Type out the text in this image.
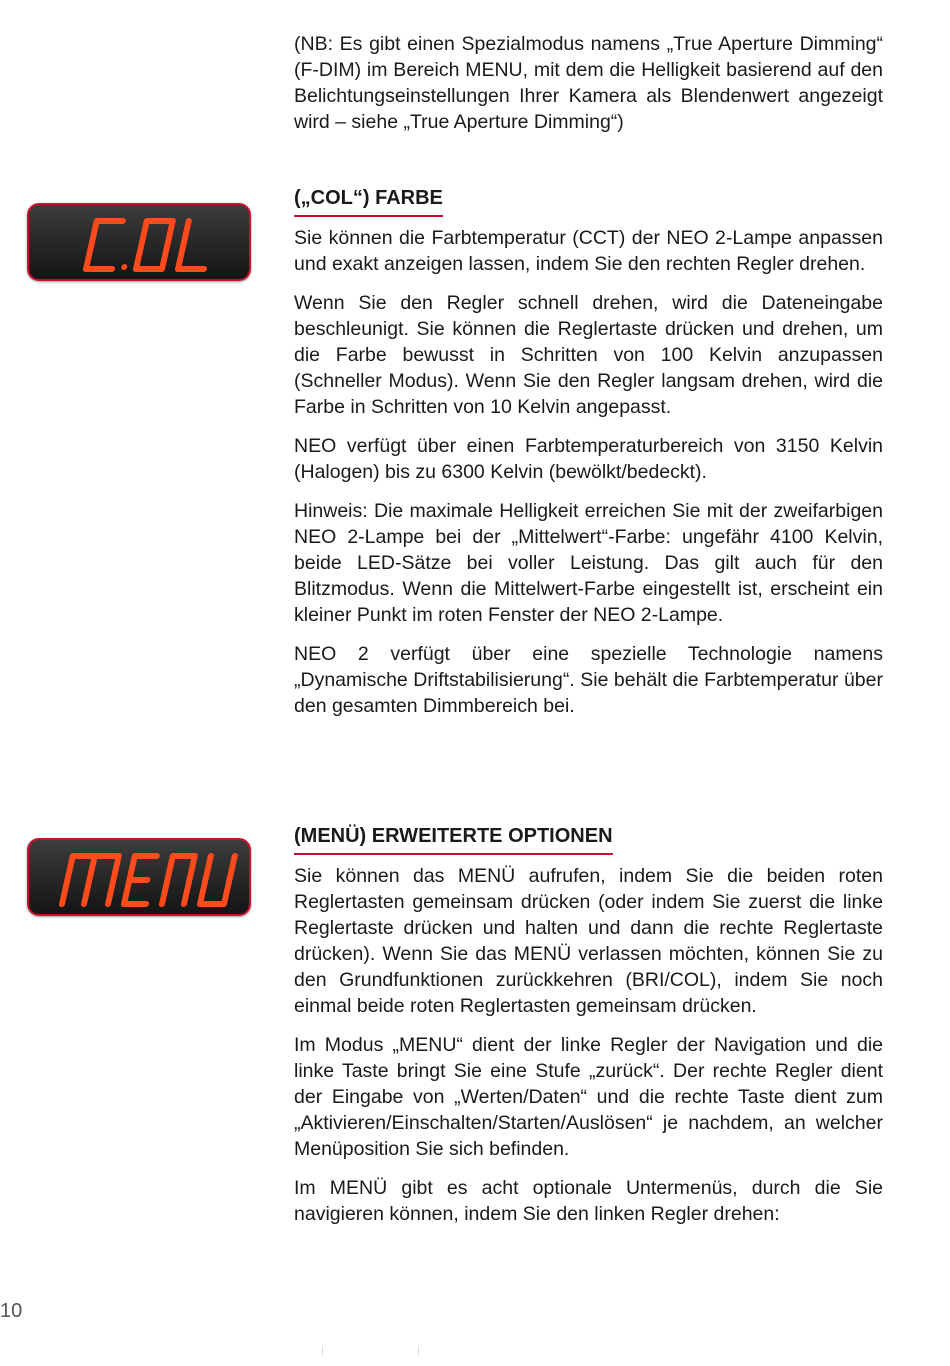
(NB: Es gibt einen Spezialmodus namens „True Aperture Dimming“ (F-DIM) im Bereich MENU, mit dem die Helligkeit basierend auf den Belichtungseinstellungen Ihrer Kamera als Blendenwert angezeigt wird – siehe „True Aperture Dimming“)

(„COL“) FARBE

Sie können die Farbtemperatur (CCT) der NEO 2-Lampe anpassen und exakt anzeigen lassen, indem Sie den rechten Regler drehen.

Wenn Sie den Regler schnell drehen, wird die Dateneingabe beschleunigt. Sie können die Reglertaste drücken und drehen, um die Farbe bewusst in Schritten von 100 Kelvin anzupassen (Schneller Modus). Wenn Sie den Regler langsam drehen, wird die Farbe in Schritten von 10 Kelvin angepasst.

NEO verfügt über einen Farbtemperaturbereich von 3150 Kelvin (Halogen) bis zu 6300 Kelvin (bewölkt/bedeckt).

Hinweis: Die maximale Helligkeit erreichen Sie mit der zweifarbigen NEO 2-Lampe bei der „Mittelwert“-Farbe: ungefähr 4100 Kelvin, beide LED-Sätze bei voller Leistung. Das gilt auch für den Blitzmodus. Wenn die Mittelwert-Farbe eingestellt ist, erscheint ein kleiner Punkt im roten Fenster der NEO 2-Lampe.

NEO 2 verfügt über eine spezielle Technologie namens „Dynamische Driftstabilisierung“. Sie behält die Farbtemperatur über den gesamten Dimmbereich bei.

(MENÜ) ERWEITERTE OPTIONEN

Sie können das MENÜ aufrufen, indem Sie die beiden roten Reglertasten gemeinsam drücken (oder indem Sie zuerst die linke Reglertaste drücken und halten und dann die rechte Reglertaste drücken). Wenn Sie das MENÜ verlassen möchten, können Sie zu den Grundfunktionen zurückkehren (BRI/COL), indem Sie noch einmal beide roten Reglertasten gemeinsam drücken.

Im Modus „MENU“ dient der linke Regler der Navigation und die linke Taste bringt Sie eine Stufe „zurück“. Der rechte Regler dient der Eingabe von „Werten/Daten“ und die rechte Taste dient zum „Aktivieren/Einschalten/Starten/Auslösen“ je nachdem, an welcher Menüposition Sie sich befinden.

Im MENÜ gibt es acht optionale Untermenüs, durch die Sie navigieren können, indem Sie den linken Regler drehen:

10
